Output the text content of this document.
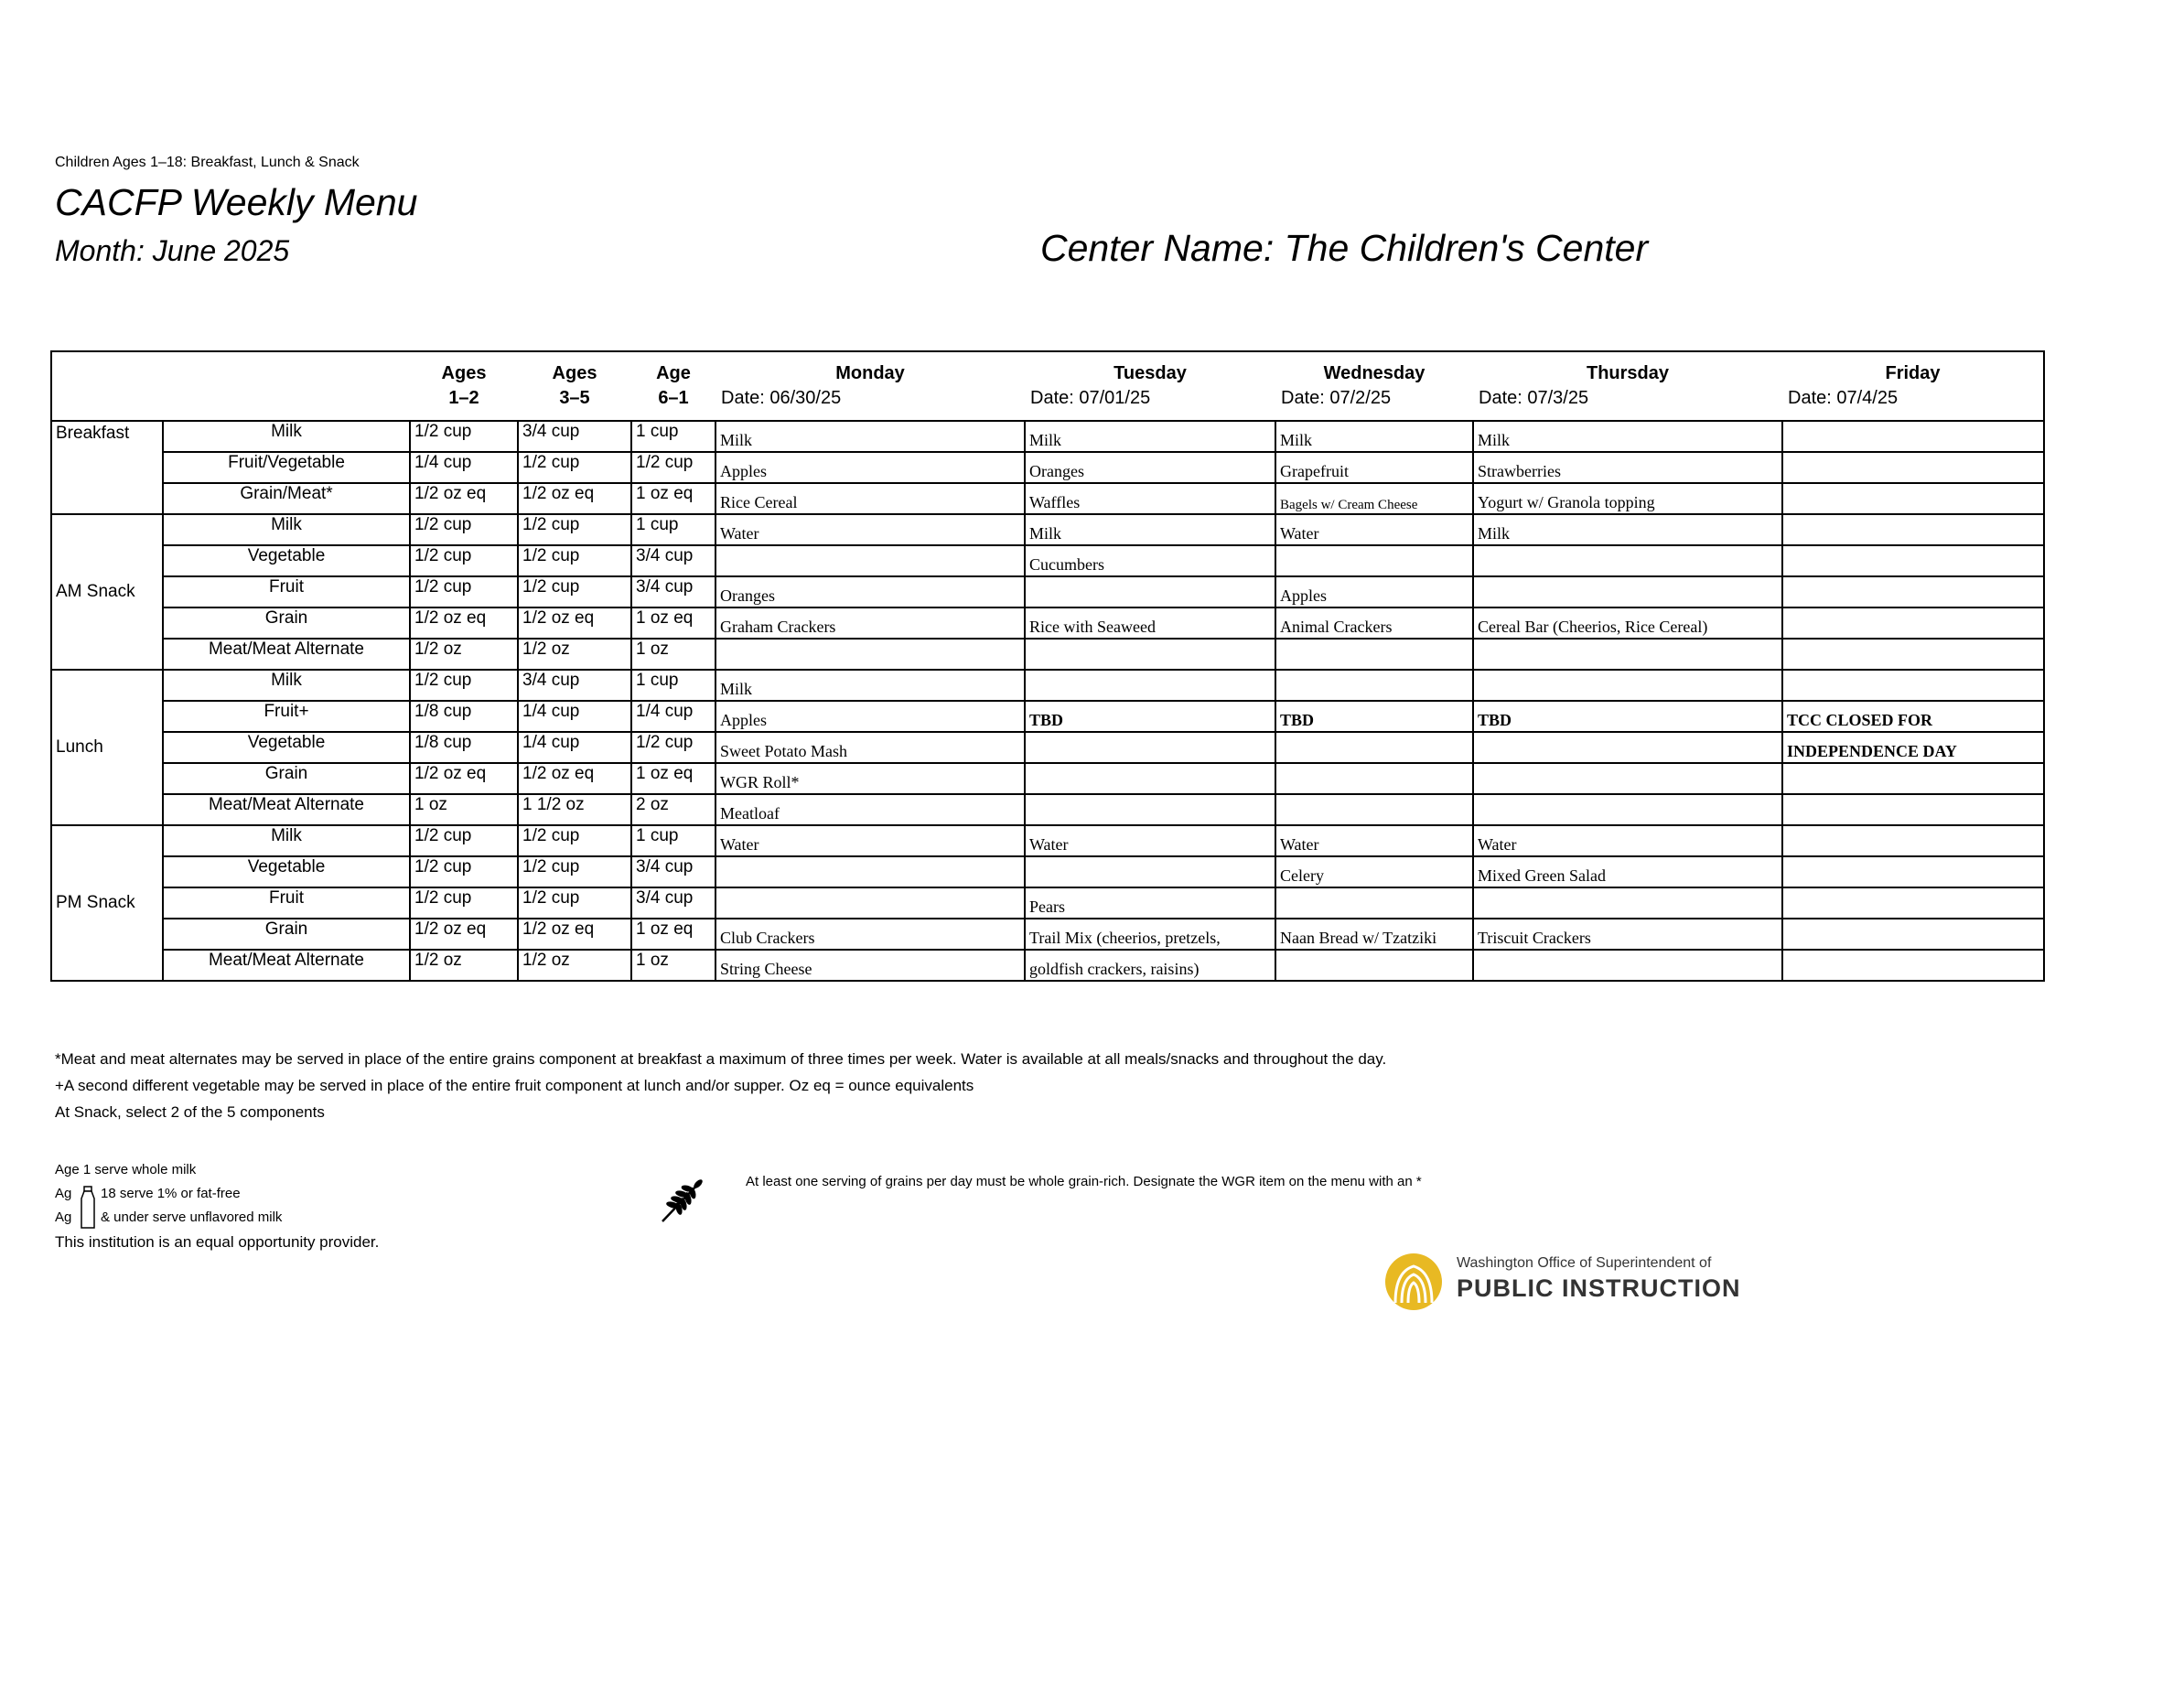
Children Ages 1–18: Breakfast, Lunch & Snack
CACFP Weekly Menu
Month: June 2025	Center Name: The Children's Center
		Ages	Ages	Age	Monday	Tuesday	Wednesday	Thursday	Friday
		1–2	3–5	6–1	Date: 06/30/25	Date: 07/01/25	Date: 07/2/25	Date: 07/3/25	Date: 07/4/25
Breakfast	Milk	1/2 cup	3/4 cup	1 cup	Milk	Milk	Milk	Milk	
	Fruit/Vegetable	1/4 cup	1/2 cup	1/2 cup	Apples	Oranges	Grapefruit	Strawberries	
	Grain/Meat*	1/2 oz eq	1/2 oz eq	1 oz eq	Rice Cereal	Waffles	Bagels w/ Cream Cheese	Yogurt w/ Granola topping	
AM Snack	Milk	1/2 cup	1/2 cup	1 cup	Water	Milk	Water	Milk	
	Vegetable	1/2 cup	1/2 cup	3/4 cup		Cucumbers			
	Fruit	1/2 cup	1/2 cup	3/4 cup	Oranges		Apples		
	Grain	1/2 oz eq	1/2 oz eq	1 oz eq	Graham Crackers	Rice with Seaweed	Animal Crackers	Cereal Bar (Cheerios, Rice Cereal)	
	Meat/Meat Alternate	1/2 oz	1/2 oz	1 oz					
Lunch	Milk	1/2 cup	3/4 cup	1 cup	Milk				
	Fruit+	1/8 cup	1/4 cup	1/4 cup	Apples	TBD	TBD	TBD	TCC CLOSED FOR
	Vegetable	1/8 cup	1/4 cup	1/2 cup	Sweet Potato Mash				INDEPENDENCE DAY
	Grain	1/2 oz eq	1/2 oz eq	1 oz eq	WGR Roll*				
	Meat/Meat Alternate	1 oz	1 1/2 oz	2 oz	Meatloaf				
PM Snack	Milk	1/2 cup	1/2 cup	1 cup	Water	Water	Water	Water	
	Vegetable	1/2 cup	1/2 cup	3/4 cup			Celery	Mixed Green Salad	
	Fruit	1/2 cup	1/2 cup	3/4 cup		Pears			
	Grain	1/2 oz eq	1/2 oz eq	1 oz eq	Club Crackers	Trail Mix (cheerios, pretzels,	Naan Bread w/ Tzatziki	Triscuit Crackers	
	Meat/Meat Alternate	1/2 oz	1/2 oz	1 oz	String Cheese	goldfish crackers, raisins)			
*Meat and meat alternates may be served in place of the entire grains component at breakfast a maximum of three times per week. Water is available at all meals/snacks and throughout the day.
+A second different vegetable may be served in place of the entire fruit component at lunch and/or supper. Oz eq = ounce equivalents
At Snack, select 2 of the 5 components
Age 1 serve whole milk
Ag 18 serve 1% or fat-free
Ag & under serve unflavored milk
This institution is an equal opportunity provider.
At least one serving of grains per day must be whole grain-rich. Designate the WGR item on the menu with an *
Washington Office of Superintendent of
PUBLIC INSTRUCTION
